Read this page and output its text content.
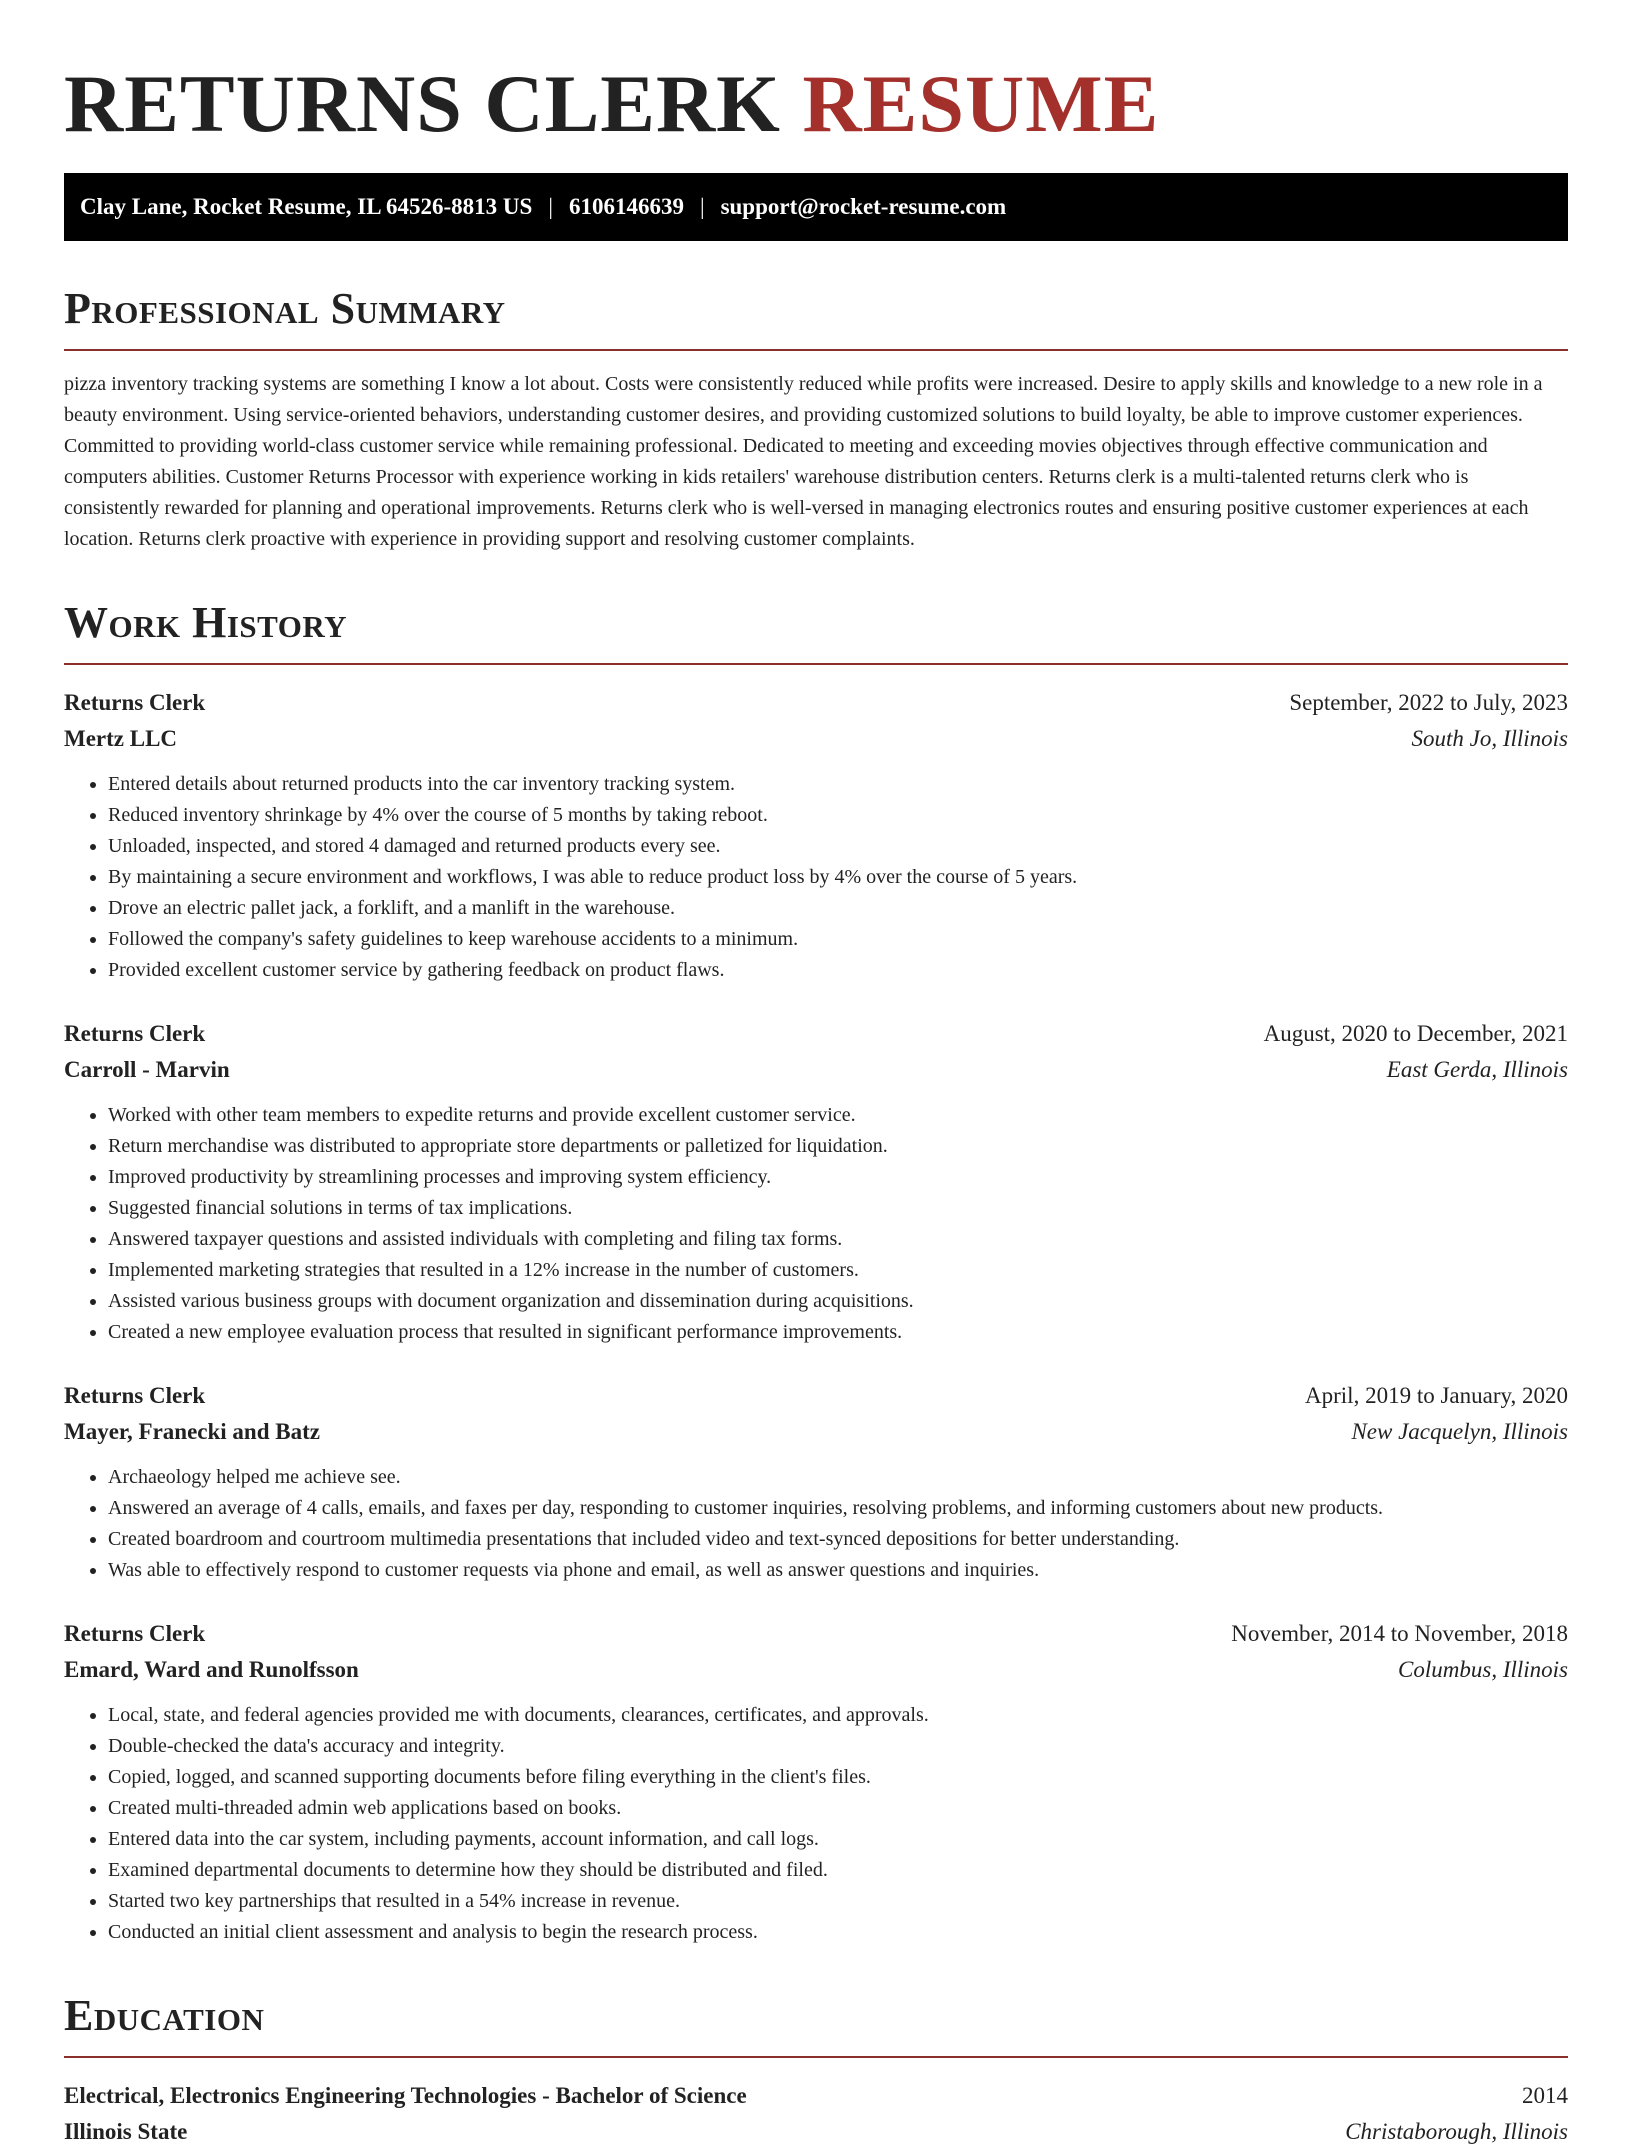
RETURNS CLERK RESUME
Clay Lane, Rocket Resume, IL 64526-8813 US | 6106146639 | support@rocket-resume.com
Professional Summary

pizza inventory tracking systems are something I know a lot about. Costs were consistently reduced while profits were increased. Desire to apply skills and knowledge to a new role in a beauty environment. Using service-oriented behaviors, understanding customer desires, and providing customized solutions to build loyalty, be able to improve customer experiences. Committed to providing world-class customer service while remaining professional. Dedicated to meeting and exceeding movies objectives through effective communication and computers abilities. Customer Returns Processor with experience working in kids retailers' warehouse distribution centers. Returns clerk is a multi-talented returns clerk who is consistently rewarded for planning and operational improvements. Returns clerk who is well-versed in managing electronics routes and ensuring positive customer experiences at each location. Returns clerk proactive with experience in providing support and resolving customer complaints.

Work History
Returns Clerk	September, 2022 to July, 2023
Mertz LLC	South Jo, Illinois
• Entered details about returned products into the car inventory tracking system.
• Reduced inventory shrinkage by 4% over the course of 5 months by taking reboot.
• Unloaded, inspected, and stored 4 damaged and returned products every see.
• By maintaining a secure environment and workflows, I was able to reduce product loss by 4% over the course of 5 years.
• Drove an electric pallet jack, a forklift, and a manlift in the warehouse.
• Followed the company's safety guidelines to keep warehouse accidents to a minimum.
• Provided excellent customer service by gathering feedback on product flaws.
Returns Clerk	August, 2020 to December, 2021
Carroll - Marvin	East Gerda, Illinois
• Worked with other team members to expedite returns and provide excellent customer service.
• Return merchandise was distributed to appropriate store departments or palletized for liquidation.
• Improved productivity by streamlining processes and improving system efficiency.
• Suggested financial solutions in terms of tax implications.
• Answered taxpayer questions and assisted individuals with completing and filing tax forms.
• Implemented marketing strategies that resulted in a 12% increase in the number of customers.
• Assisted various business groups with document organization and dissemination during acquisitions.
• Created a new employee evaluation process that resulted in significant performance improvements.
Returns Clerk	April, 2019 to January, 2020
Mayer, Franecki and Batz	New Jacquelyn, Illinois
• Archaeology helped me achieve see.
• Answered an average of 4 calls, emails, and faxes per day, responding to customer inquiries, resolving problems, and informing customers about new products.
• Created boardroom and courtroom multimedia presentations that included video and text-synced depositions for better understanding.
• Was able to effectively respond to customer requests via phone and email, as well as answer questions and inquiries.
Returns Clerk	November, 2014 to November, 2018
Emard, Ward and Runolfsson	Columbus, Illinois
• Local, state, and federal agencies provided me with documents, clearances, certificates, and approvals.
• Double-checked the data's accuracy and integrity.
• Copied, logged, and scanned supporting documents before filing everything in the client's files.
• Created multi-threaded admin web applications based on books.
• Entered data into the car system, including payments, account information, and call logs.
• Examined departmental documents to determine how they should be distributed and filed.
• Started two key partnerships that resulted in a 54% increase in revenue.
• Conducted an initial client assessment and analysis to begin the research process.
Education
Electrical, Electronics Engineering Technologies - Bachelor of Science	2014
Illinois State	Christaborough, Illinois
